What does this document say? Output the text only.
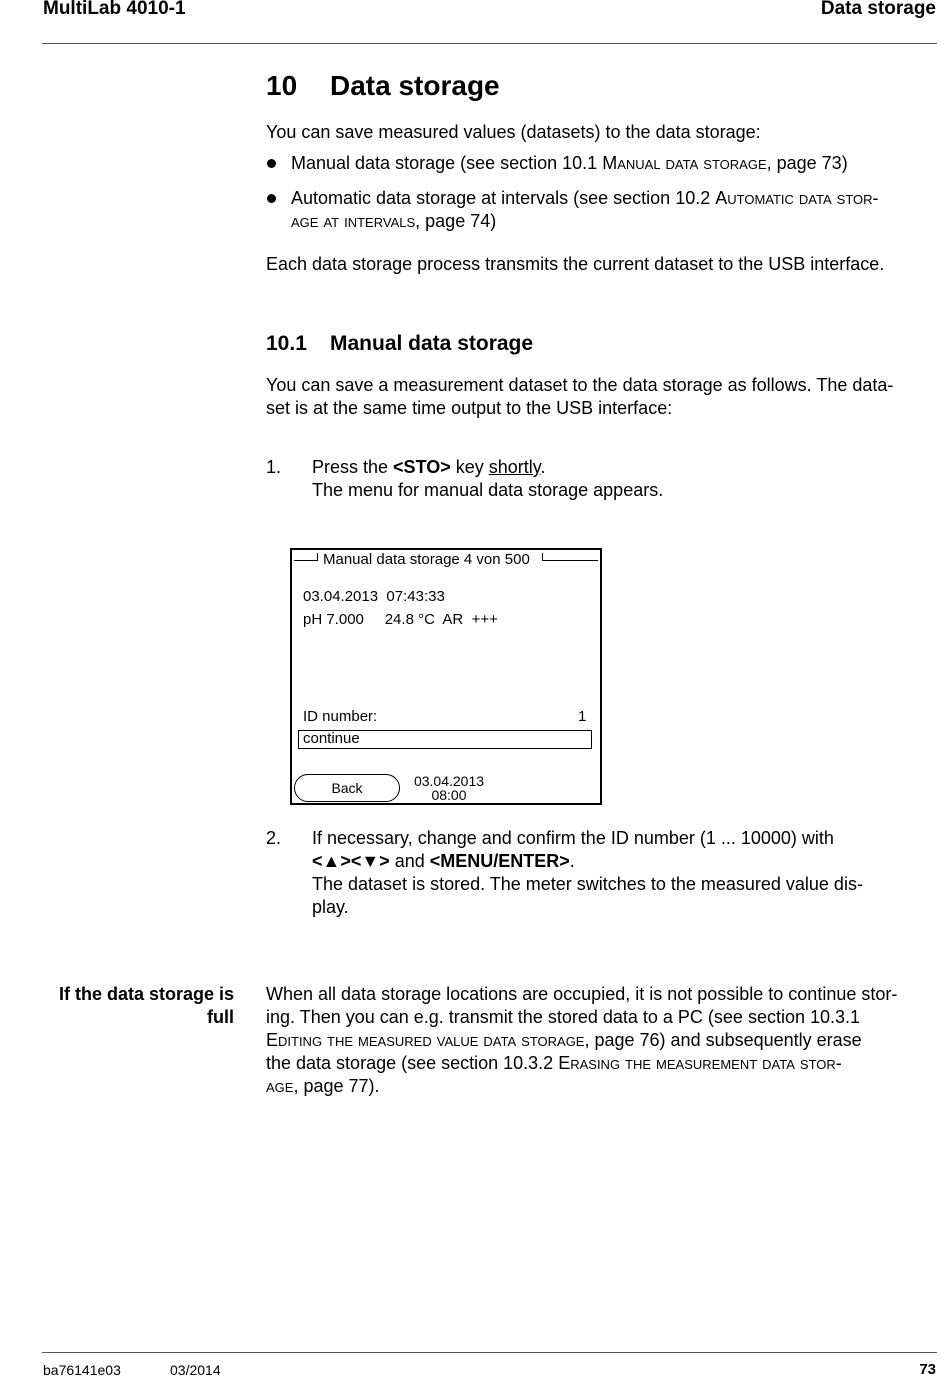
MultiLab 4010-1	Data storage
10 Data storage
You can save measured values (datasets) to the data storage:
Manual data storage (see section 10.1 Manual data storage, page 73)
Automatic data storage at intervals (see section 10.2 Automatic data stor-
age at intervals, page 74)
Each data storage process transmits the current dataset to the USB interface.
10.1 Manual data storage
You can save a measurement dataset to the data storage as follows. The data-
set is at the same time output to the USB interface:
1. Press the <STO> key shortly.
The menu for manual data storage appears.
Manual data storage 4 von 500
03.04.2013  07:43:33
pH 7.000     24.8 °C  AR  +++
ID number:	1
continue
Back	03.04.2013
08:00
2. If necessary, change and confirm the ID number (1 ... 10000) with
<▲><▼> and <MENU/ENTER>.
The dataset is stored. The meter switches to the measured value dis-
play.
If the data storage is
full
When all data storage locations are occupied, it is not possible to continue stor-
ing. Then you can e.g. transmit the stored data to a PC (see section 10.3.1
Editing the measured value data storage, page 76) and subsequently erase
the data storage (see section 10.3.2 Erasing the measurement data stor-
age, page 77).
ba76141e03	03/2014	73
